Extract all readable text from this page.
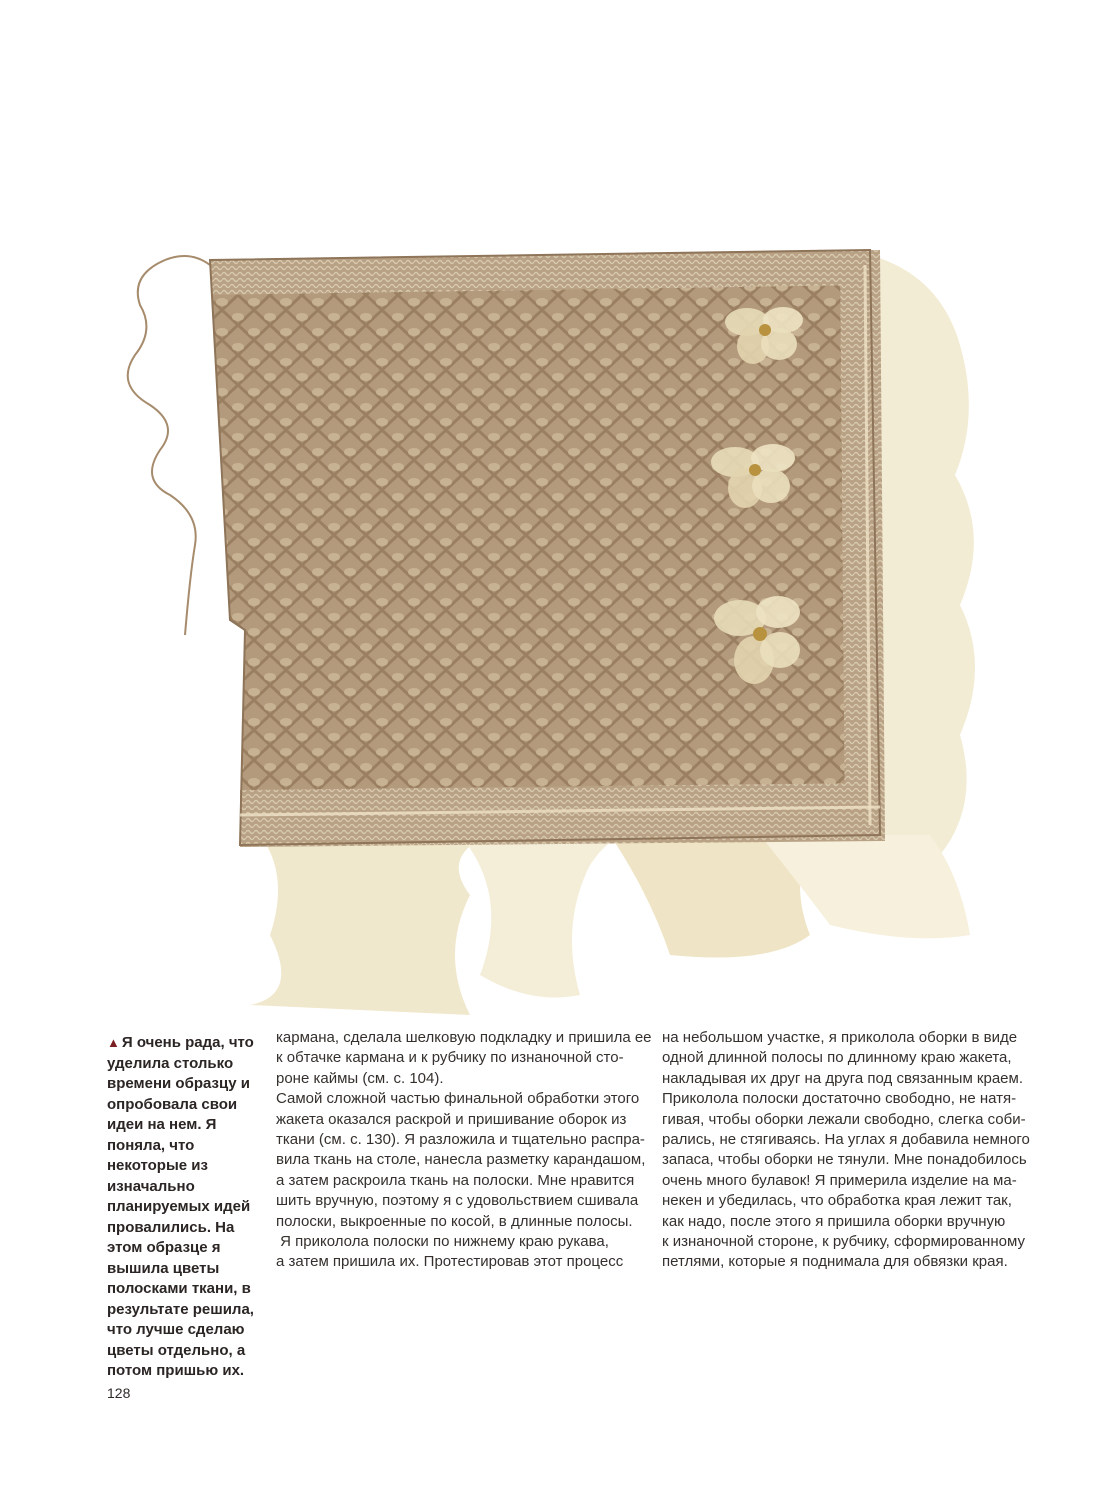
▲ Я очень рада, что уделила столько времени образцу и опробовала свои идеи на нем. Я поняла, что некоторые из изначально планируемых идей провалились. На этом образце я вышила цветы полосками ткани, в результате решила, что лучше сделаю цветы отдельно, а потом пришью их.
кармана, сделала шелковую подкладку и пришила ее
к обтачке кармана и к рубчику по изнаночной сто-
роне каймы (см. с. 104).
Самой сложной частью финальной обработки этого
жакета оказался раскрой и пришивание оборок из
ткани (см. с. 130). Я разложила и тщательно распра-
вила ткань на столе, нанесла разметку карандашом,
а затем раскроила ткань на полоски. Мне нравится
шить вручную, поэтому я с удовольствием сшивала
полоски, выкроенные по косой, в длинные полосы.
Я приколола полоски по нижнему краю рукава,
а затем пришила их. Протестировав этот процесс
на небольшом участке, я приколола оборки в виде
одной длинной полосы по длинному краю жакета,
накладывая их друг на друга под связанным краем.
Приколола полоски достаточно свободно, не натя-
гивая, чтобы оборки лежали свободно, слегка соби-
рались, не стягиваясь. На углах я добавила немного
запаса, чтобы оборки не тянули. Мне понадобилось
очень много булавок! Я примерила изделие на ма-
некен и убедилась, что обработка края лежит так,
как надо, после этого я пришила оборки вручную
к изнаночной стороне, к рубчику, сформированному
петлями, которые я поднимала для обвязки края.
128
